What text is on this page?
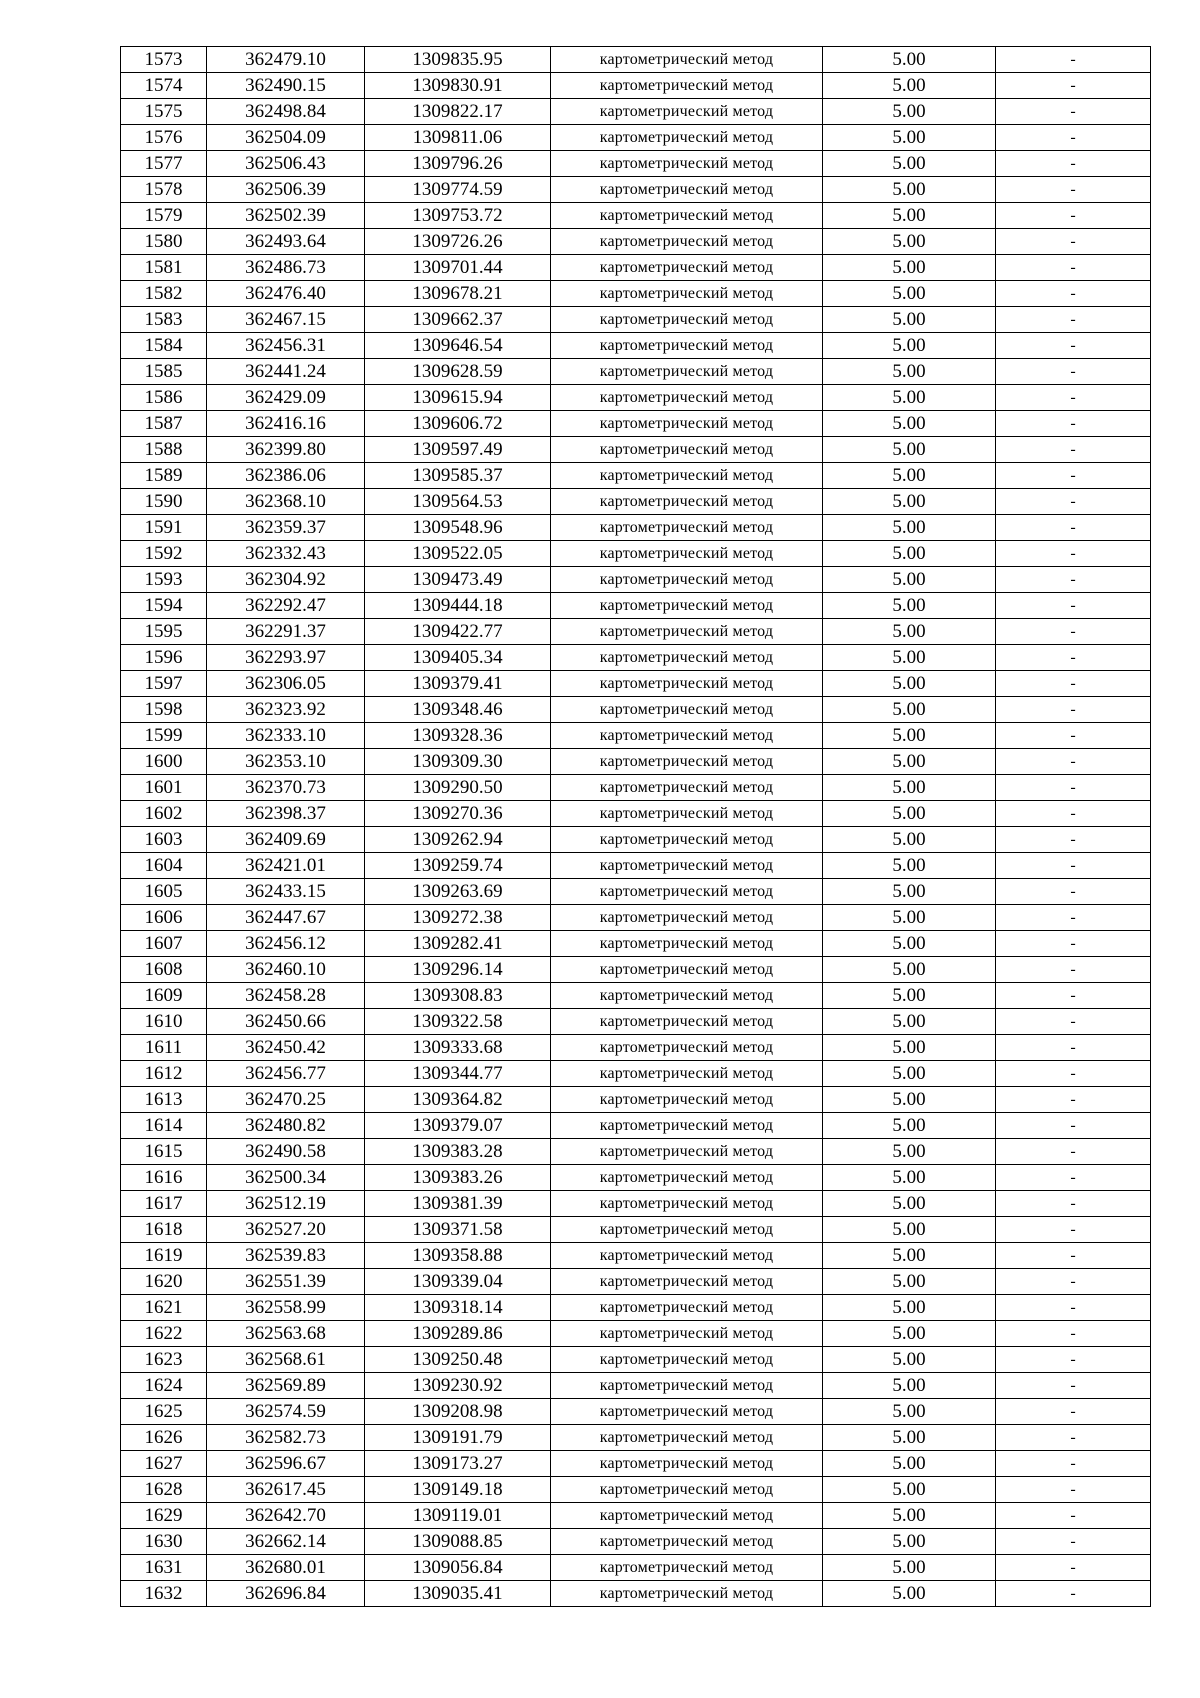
1573	362479.10	1309835.95	картометрический метод	5.00	-
1574	362490.15	1309830.91	картометрический метод	5.00	-
1575	362498.84	1309822.17	картометрический метод	5.00	-
1576	362504.09	1309811.06	картометрический метод	5.00	-
1577	362506.43	1309796.26	картометрический метод	5.00	-
1578	362506.39	1309774.59	картометрический метод	5.00	-
1579	362502.39	1309753.72	картометрический метод	5.00	-
1580	362493.64	1309726.26	картометрический метод	5.00	-
1581	362486.73	1309701.44	картометрический метод	5.00	-
1582	362476.40	1309678.21	картометрический метод	5.00	-
1583	362467.15	1309662.37	картометрический метод	5.00	-
1584	362456.31	1309646.54	картометрический метод	5.00	-
1585	362441.24	1309628.59	картометрический метод	5.00	-
1586	362429.09	1309615.94	картометрический метод	5.00	-
1587	362416.16	1309606.72	картометрический метод	5.00	-
1588	362399.80	1309597.49	картометрический метод	5.00	-
1589	362386.06	1309585.37	картометрический метод	5.00	-
1590	362368.10	1309564.53	картометрический метод	5.00	-
1591	362359.37	1309548.96	картометрический метод	5.00	-
1592	362332.43	1309522.05	картометрический метод	5.00	-
1593	362304.92	1309473.49	картометрический метод	5.00	-
1594	362292.47	1309444.18	картометрический метод	5.00	-
1595	362291.37	1309422.77	картометрический метод	5.00	-
1596	362293.97	1309405.34	картометрический метод	5.00	-
1597	362306.05	1309379.41	картометрический метод	5.00	-
1598	362323.92	1309348.46	картометрический метод	5.00	-
1599	362333.10	1309328.36	картометрический метод	5.00	-
1600	362353.10	1309309.30	картометрический метод	5.00	-
1601	362370.73	1309290.50	картометрический метод	5.00	-
1602	362398.37	1309270.36	картометрический метод	5.00	-
1603	362409.69	1309262.94	картометрический метод	5.00	-
1604	362421.01	1309259.74	картометрический метод	5.00	-
1605	362433.15	1309263.69	картометрический метод	5.00	-
1606	362447.67	1309272.38	картометрический метод	5.00	-
1607	362456.12	1309282.41	картометрический метод	5.00	-
1608	362460.10	1309296.14	картометрический метод	5.00	-
1609	362458.28	1309308.83	картометрический метод	5.00	-
1610	362450.66	1309322.58	картометрический метод	5.00	-
1611	362450.42	1309333.68	картометрический метод	5.00	-
1612	362456.77	1309344.77	картометрический метод	5.00	-
1613	362470.25	1309364.82	картометрический метод	5.00	-
1614	362480.82	1309379.07	картометрический метод	5.00	-
1615	362490.58	1309383.28	картометрический метод	5.00	-
1616	362500.34	1309383.26	картометрический метод	5.00	-
1617	362512.19	1309381.39	картометрический метод	5.00	-
1618	362527.20	1309371.58	картометрический метод	5.00	-
1619	362539.83	1309358.88	картометрический метод	5.00	-
1620	362551.39	1309339.04	картометрический метод	5.00	-
1621	362558.99	1309318.14	картометрический метод	5.00	-
1622	362563.68	1309289.86	картометрический метод	5.00	-
1623	362568.61	1309250.48	картометрический метод	5.00	-
1624	362569.89	1309230.92	картометрический метод	5.00	-
1625	362574.59	1309208.98	картометрический метод	5.00	-
1626	362582.73	1309191.79	картометрический метод	5.00	-
1627	362596.67	1309173.27	картометрический метод	5.00	-
1628	362617.45	1309149.18	картометрический метод	5.00	-
1629	362642.70	1309119.01	картометрический метод	5.00	-
1630	362662.14	1309088.85	картометрический метод	5.00	-
1631	362680.01	1309056.84	картометрический метод	5.00	-
1632	362696.84	1309035.41	картометрический метод	5.00	-
